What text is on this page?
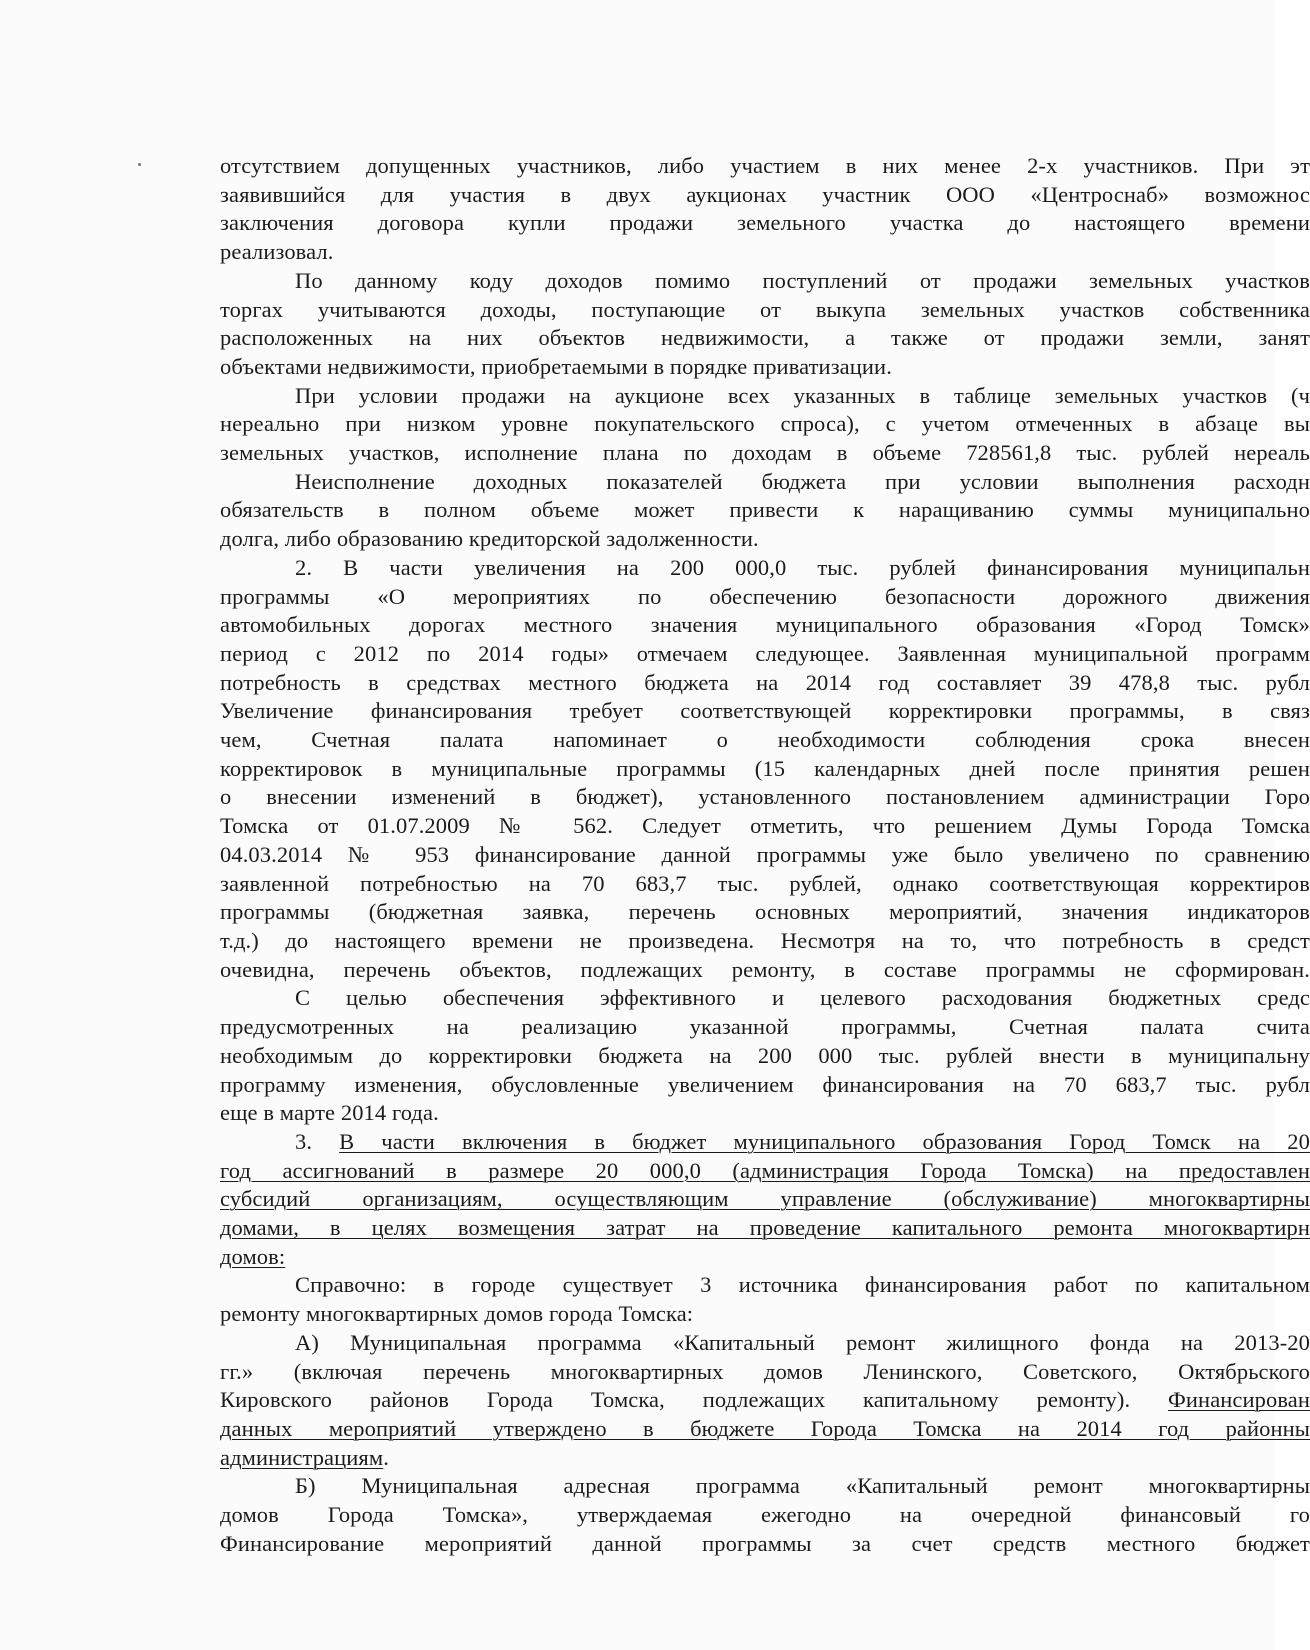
отсутствием допущенных участников, либо участием в них менее 2-х участников. При эт
заявившийся для участия в двух аукционах участник ООО «Центроснаб» возможнос
заключения договора купли продажи земельного участка до настоящего времени
реализовал.
По данному коду доходов помимо поступлений от продажи земельных участков
торгах учитываются доходы, поступающие от выкупа земельных участков собственника
расположенных на них объектов недвижимости, а также от продажи земли, занят
объектами недвижимости, приобретаемыми в порядке приватизации.
При условии продажи на аукционе всех указанных в таблице земельных участков (ч
нереально при низком уровне покупательского спроса), с учетом отмеченных в абзаце вы
земельных участков, исполнение плана по доходам в объеме 728561,8 тыс. рублей нереаль
Неисполнение доходных показателей бюджета при условии выполнения расходн
обязательств в полном объеме может привести к наращиванию суммы муниципально
долга, либо образованию кредиторской задолженности.
2. В части увеличения на 200 000,0 тыс. рублей финансирования муниципальн
программы «О мероприятиях по обеспечению безопасности дорожного движения
автомобильных дорогах местного значения муниципального образования «Город Томск»
период с 2012 по 2014 годы» отмечаем следующее. Заявленная муниципальной программ
потребность в средствах местного бюджета на 2014 год составляет 39 478,8 тыс. рубл
Увеличение финансирования требует соответствующей корректировки программы, в связ
чем, Счетная палата напоминает о необходимости соблюдения срока внесен
корректировок в муниципальные программы (15 календарных дней после принятия решен
о внесении изменений в бюджет), установленного постановлением администрации Горо
Томска от 01.07.2009 № 562. Следует отметить, что решением Думы Города Томска
04.03.2014 № 953 финансирование данной программы уже было увеличено по сравнению
заявленной потребностью на 70 683,7 тыс. рублей, однако соответствующая корректиров
программы (бюджетная заявка, перечень основных мероприятий, значения индикаторов
т.д.) до настоящего времени не произведена. Несмотря на то, что потребность в средст
очевидна, перечень объектов, подлежащих ремонту, в составе программы не сформирован.
С целью обеспечения эффективного и целевого расходования бюджетных средс
предусмотренных на реализацию указанной программы, Счетная палата счита
необходимым до корректировки бюджета на 200 000 тыс. рублей внести в муниципальну
программу изменения, обусловленные увеличением финансирования на 70 683,7 тыс. рубл
еще в марте 2014 года.
3. В части включения в бюджет муниципального образования Город Томск на 20
год ассигнований в размере 20 000,0 (администрация Города Томска) на предоставлен
субсидий организациям, осуществляющим управление (обслуживание) многоквартирны
домами, в целях возмещения затрат на проведение капитального ремонта многоквартирн
домов:
Справочно: в городе существует 3 источника финансирования работ по капитальном
ремонту многоквартирных домов города Томска:
А) Муниципальная программа «Капитальный ремонт жилищного фонда на 2013-20
гг.» (включая перечень многоквартирных домов Ленинского, Советского, Октябрьского
Кировского районов Города Томска, подлежащих капитальному ремонту). Финансирован
данных мероприятий утверждено в бюджете Города Томска на 2014 год районны
администрациям.
Б) Муниципальная адресная программа «Капитальный ремонт многоквартирны
домов Города Томска», утверждаемая ежегодно на очередной финансовый го
Финансирование мероприятий данной программы за счет средств местного бюджет
